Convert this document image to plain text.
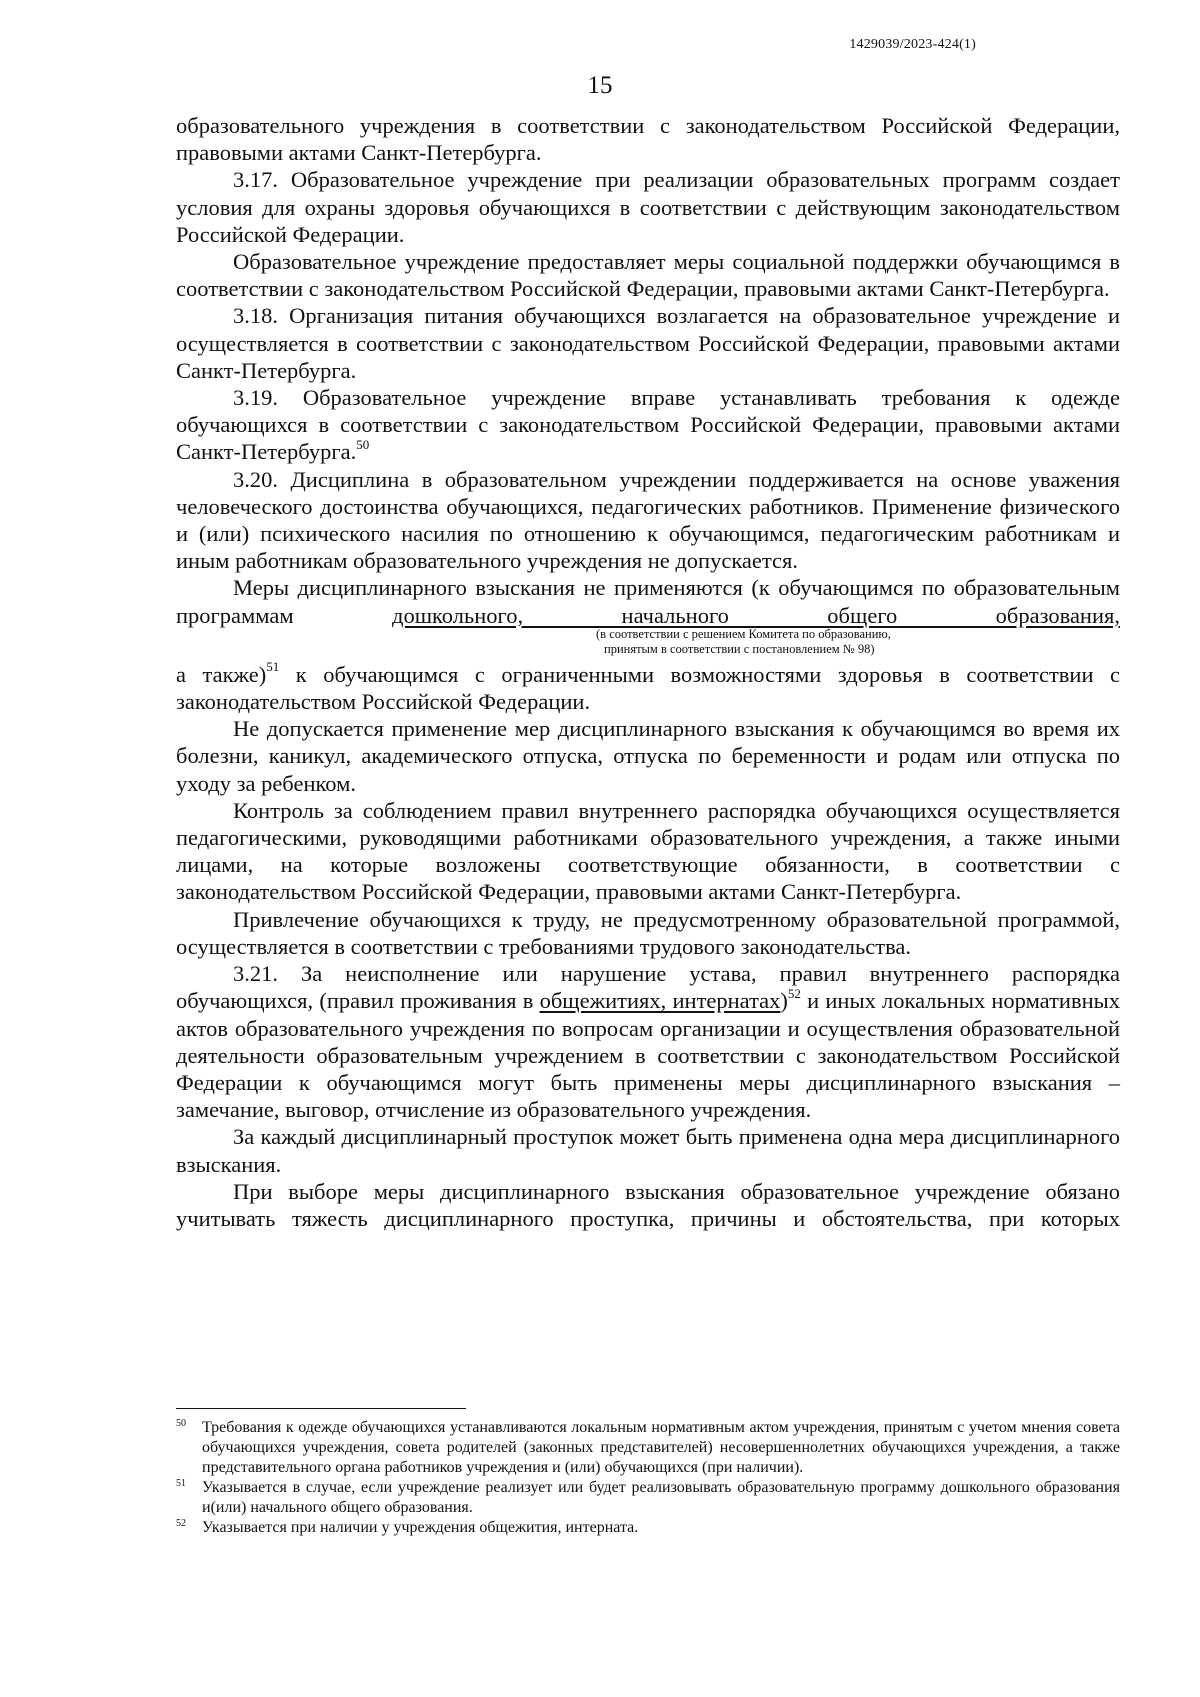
1429039/2023-424(1)
15

образовательного учреждения в соответствии с законодательством Российской Федерации, правовыми актами Санкт-Петербурга.

3.17. Образовательное учреждение при реализации образовательных программ создает условия для охраны здоровья обучающихся в соответствии с действующим законодательством Российской Федерации.

Образовательное учреждение предоставляет меры социальной поддержки обучающимся в соответствии с законодательством Российской Федерации, правовыми актами Санкт-Петербурга.

3.18. Организация питания обучающихся возлагается на образовательное учреждение и осуществляется в соответствии с законодательством Российской Федерации, правовыми актами Санкт-Петербурга.

3.19. Образовательное учреждение вправе устанавливать требования к одежде обучающихся в соответствии с законодательством Российской Федерации, правовыми актами Санкт-Петербурга.$^{50}$

3.20. Дисциплина в образовательном учреждении поддерживается на основе уважения человеческого достоинства обучающихся, педагогических работников. Применение физического и (или) психического насилия по отношению к обучающимся, педагогическим работникам и иным работникам образовательного учреждения не допускается.

Меры дисциплинарного взыскания не применяются (к обучающимся по образовательным программам дошкольного, начального общего образования,

(в соответствии с решением Комитета по образованию,
принятым в соответствии с постановлением № 98)

а также)$^{51}$ к обучающимся с ограниченными возможностями здоровья в соответствии с законодательством Российской Федерации.

Не допускается применение мер дисциплинарного взыскания к обучающимся во время их болезни, каникул, академического отпуска, отпуска по беременности и родам или отпуска по уходу за ребенком.

Контроль за соблюдением правил внутреннего распорядка обучающихся осуществляется педагогическими, руководящими работниками образовательного учреждения, а также иными лицами, на которые возложены соответствующие обязанности, в соответствии с законодательством Российской Федерации, правовыми актами Санкт-Петербурга.

Привлечение обучающихся к труду, не предусмотренному образовательной программой, осуществляется в соответствии с требованиями трудового законодательства.

3.21. За неисполнение или нарушение устава, правил внутреннего распорядка обучающихся, (правил проживания в общежитиях, интернатах)$^{52}$ и иных локальных нормативных актов образовательного учреждения по вопросам организации и осуществления образовательной деятельности образовательным учреждением в соответствии с законодательством Российской Федерации к обучающимся могут быть применены меры дисциплинарного взыскания – замечание, выговор, отчисление из образовательного учреждения.

За каждый дисциплинарный проступок может быть применена одна мера дисциплинарного взыскания.

При выборе меры дисциплинарного взыскания образовательное учреждение обязано учитывать тяжесть дисциплинарного проступка, причины и обстоятельства, при которых

50 Требования к одежде обучающихся устанавливаются локальным нормативным актом учреждения, принятым с учетом мнения совета обучающихся учреждения, совета родителей (законных представителей) несовершеннолетних обучающихся учреждения, а также представительного органа работников учреждения и (или) обучающихся (при наличии).

51 Указывается в случае, если учреждение реализует или будет реализовывать образовательную программу дошкольного образования и(или) начального общего образования.

52 Указывается при наличии у учреждения общежития, интерната.
